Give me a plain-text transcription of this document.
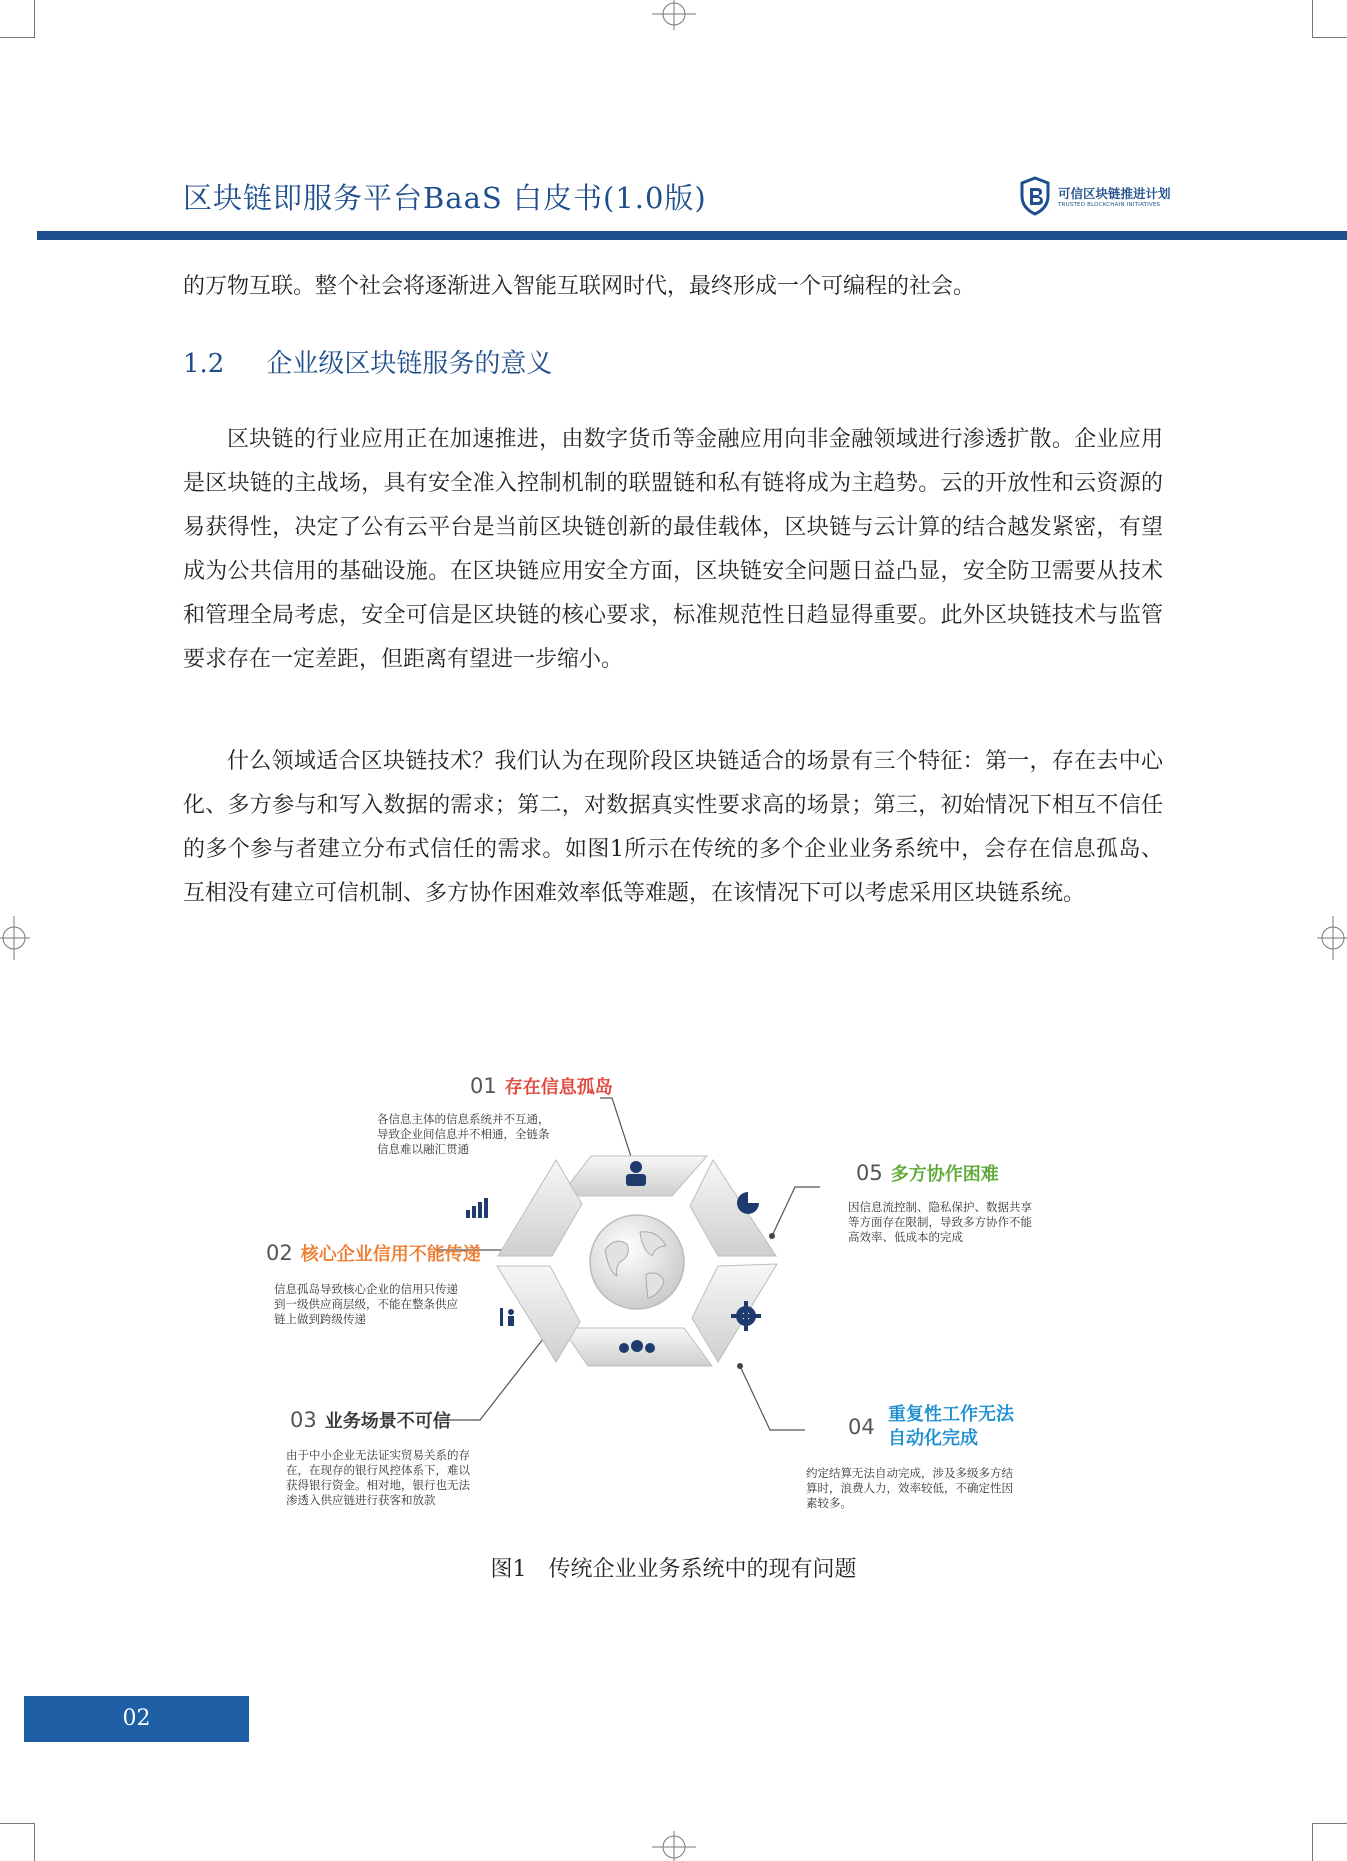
区块链即服务平台BaaS 白皮书(1.0版)	可信区块链推进计划
TRUSTED BLOCKCHAIN INITIATIVES
的万物互联。整个社会将逐渐进入智能互联网时代，最终形成一个可编程的社会。
1.2 企业级区块链服务的意义
区块链的行业应用正在加速推进，由数字货币等金融应用向非金融领域进行渗透扩散。企业应用是区块链的主战场，具有安全准入控制机制的联盟链和私有链将成为主趋势。云的开放性和云资源的易获得性，决定了公有云平台是当前区块链创新的最佳载体，区块链与云计算的结合越发紧密，有望成为公共信用的基础设施。在区块链应用安全方面，区块链安全问题日益凸显，安全防卫需要从技术和管理全局考虑，安全可信是区块链的核心要求，标准规范性日趋显得重要。此外区块链技术与监管要求存在一定差距，但距离有望进一步缩小。
什么领域适合区块链技术？我们认为在现阶段区块链适合的场景有三个特征：第一，存在去中心化、多方参与和写入数据的需求；第二，对数据真实性要求高的场景；第三，初始情况下相互不信任的多个参与者建立分布式信任的需求。如图1所示在传统的多个企业业务系统中，会存在信息孤岛、互相没有建立可信机制、多方协作困难效率低等难题，在该情况下可以考虑采用区块链系统。
01 存在信息孤岛
各信息主体的信息系统并不互通，
导致企业间信息并不相通，全链条
信息难以融汇贯通
02 核心企业信用不能传递
信息孤岛导致核心企业的信用只传递
到一级供应商层级，不能在整条供应
链上做到跨级传递
03 业务场景不可信
由于中小企业无法证实贸易关系的存
在，在现存的银行风控体系下，难以
获得银行资金。相对地，银行也无法
渗透入供应链进行获客和放款
04
重复性工作无法
自动化完成
约定结算无法自动完成，涉及多级多方结
算时，浪费人力，效率较低，不确定性因
素较多。
05 多方协作困难
因信息流控制、隐私保护、数据共享
等方面存在限制，导致多方协作不能
高效率、低成本的完成
图1　传统企业业务系统中的现有问题
02
